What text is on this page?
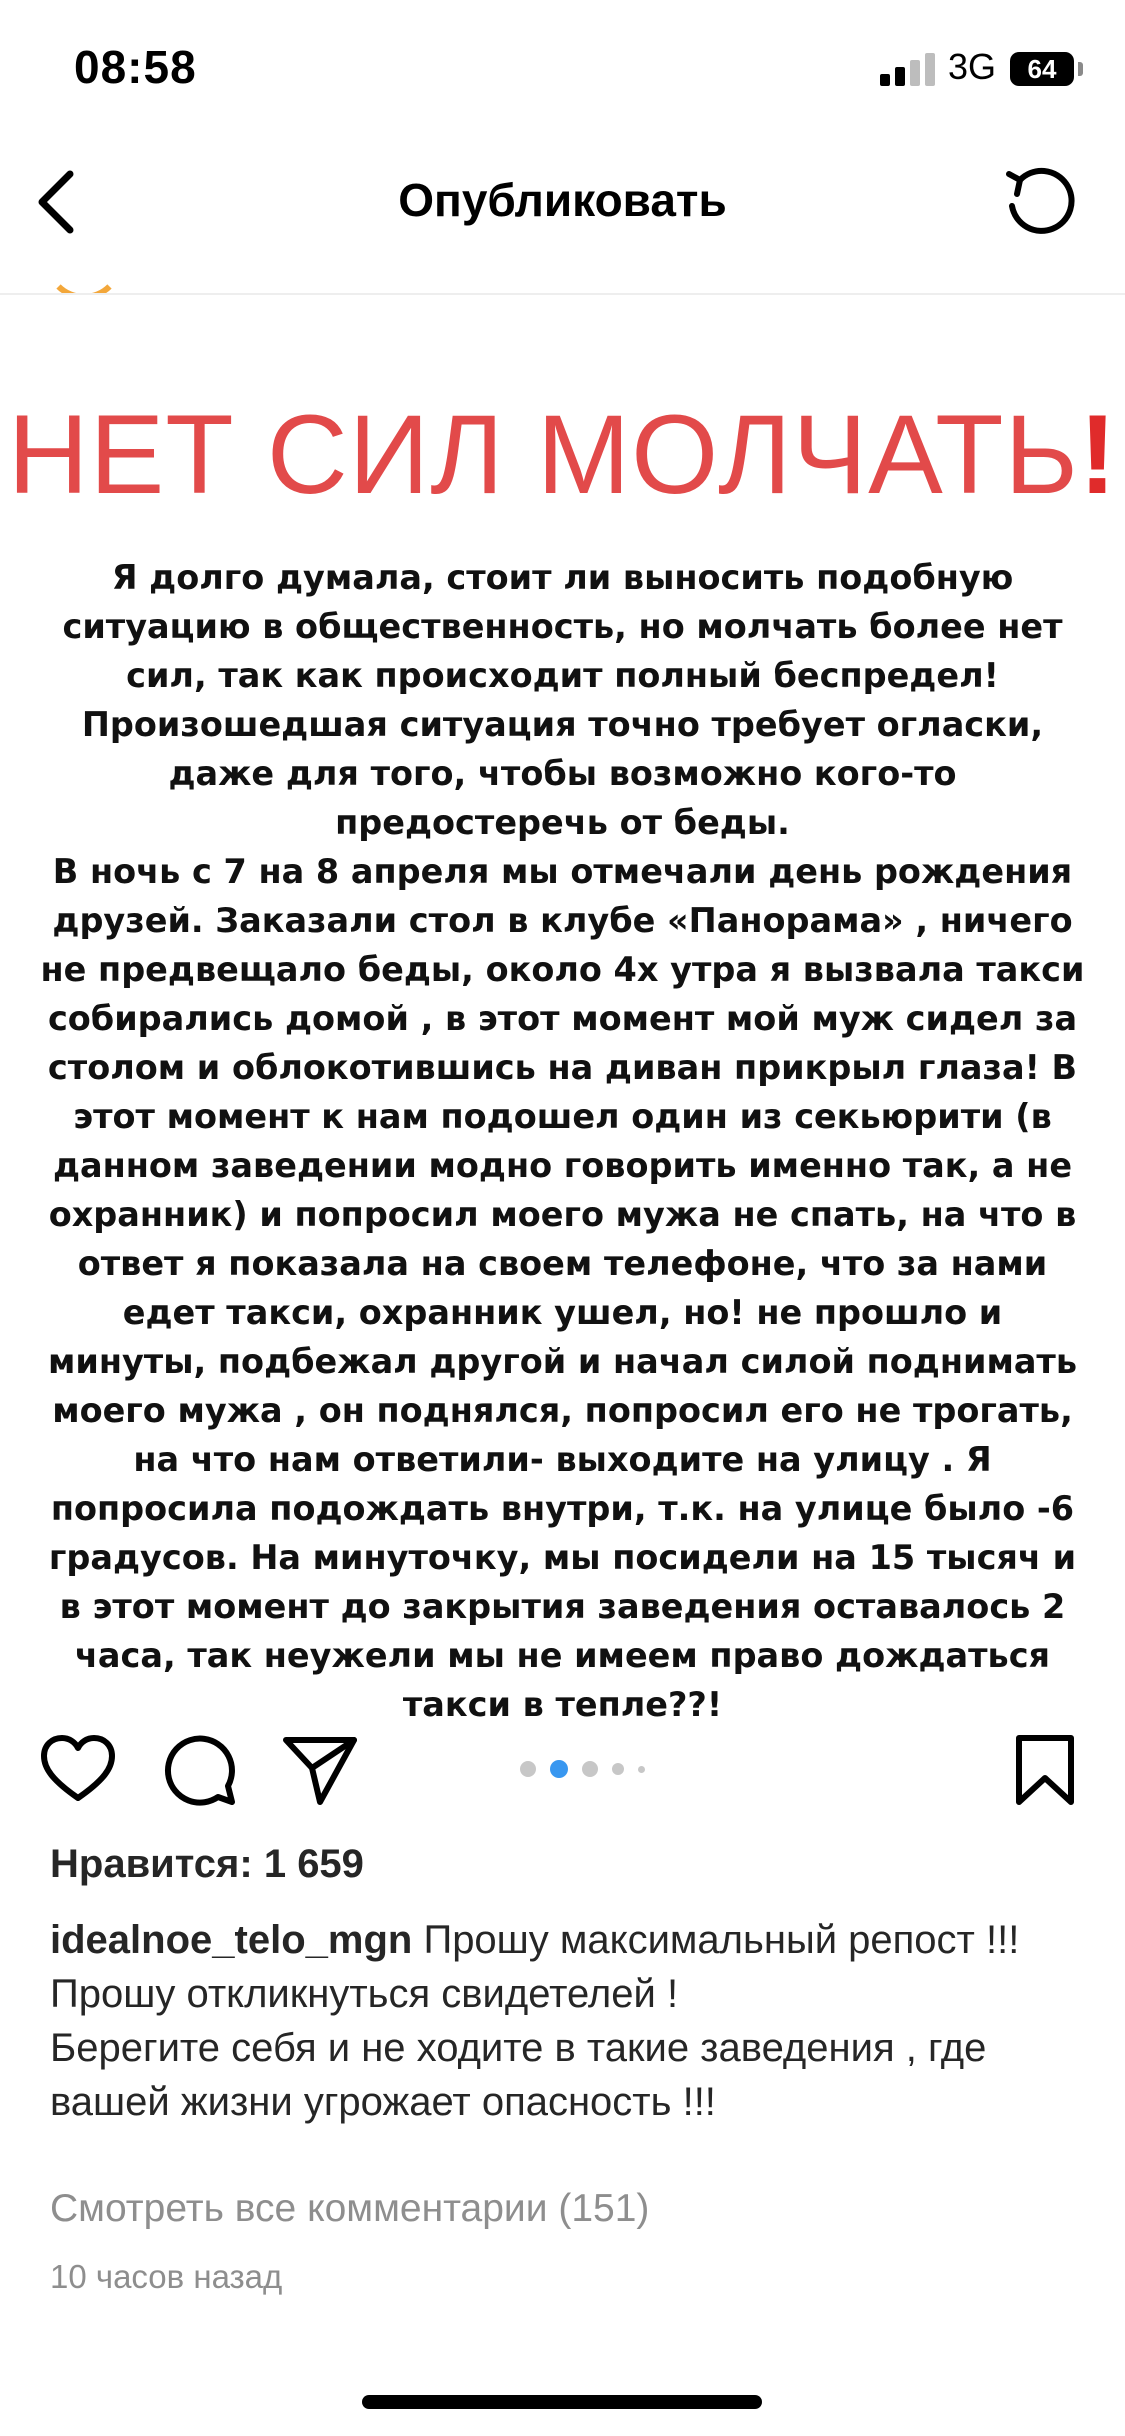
08:58	3G	64
Опубликовать
НЕТ СИЛ МОЛЧАТЬ!

Я долго думала, стоит ли выносить подобную ситуацию в общественность, но молчать более нет сил, так как происходит полный беспредел!

Произошедшая ситуация точно требует огласки, даже для того, чтобы возможно кого-то предостеречь от беды.

В ночь с 7 на 8 апреля мы отмечали день рождения друзей. Заказали стол в клубе «Панорама» , ничего не предвещало беды, около 4х утра я вызвала такси собирались домой , в этот момент мой муж сидел за столом и облокотившись на диван прикрыл глаза! В этот момент к нам подошел один из секьюрити (в данном заведении модно говорить именно так, а не охранник) и попросил моего мужа не спать, на что в ответ я показала на своем телефоне, что за нами едет такси, охранник ушел, но! не прошло и минуты, подбежал другой и начал силой поднимать моего мужа , он поднялся, попросил его не трогать, на что нам ответили- выходите на улицу . Я попросила подождать внутри, т.к. на улице было -6 градусов. На минуточку, мы посидели на 15 тысяч и в этот момент до закрытия заведения оставалось 2 часа, так неужели мы не имеем право дождаться такси в тепле??!

Нравится: 1 659
idealnoe_telo_mgn Прошу максимальный репост !!!
Прошу откликнуться свидетелей !
Берегите себя и не ходите в такие заведения , где вашей жизни угрожает опасность !!!
Смотреть все комментарии (151)
10 часов назад
